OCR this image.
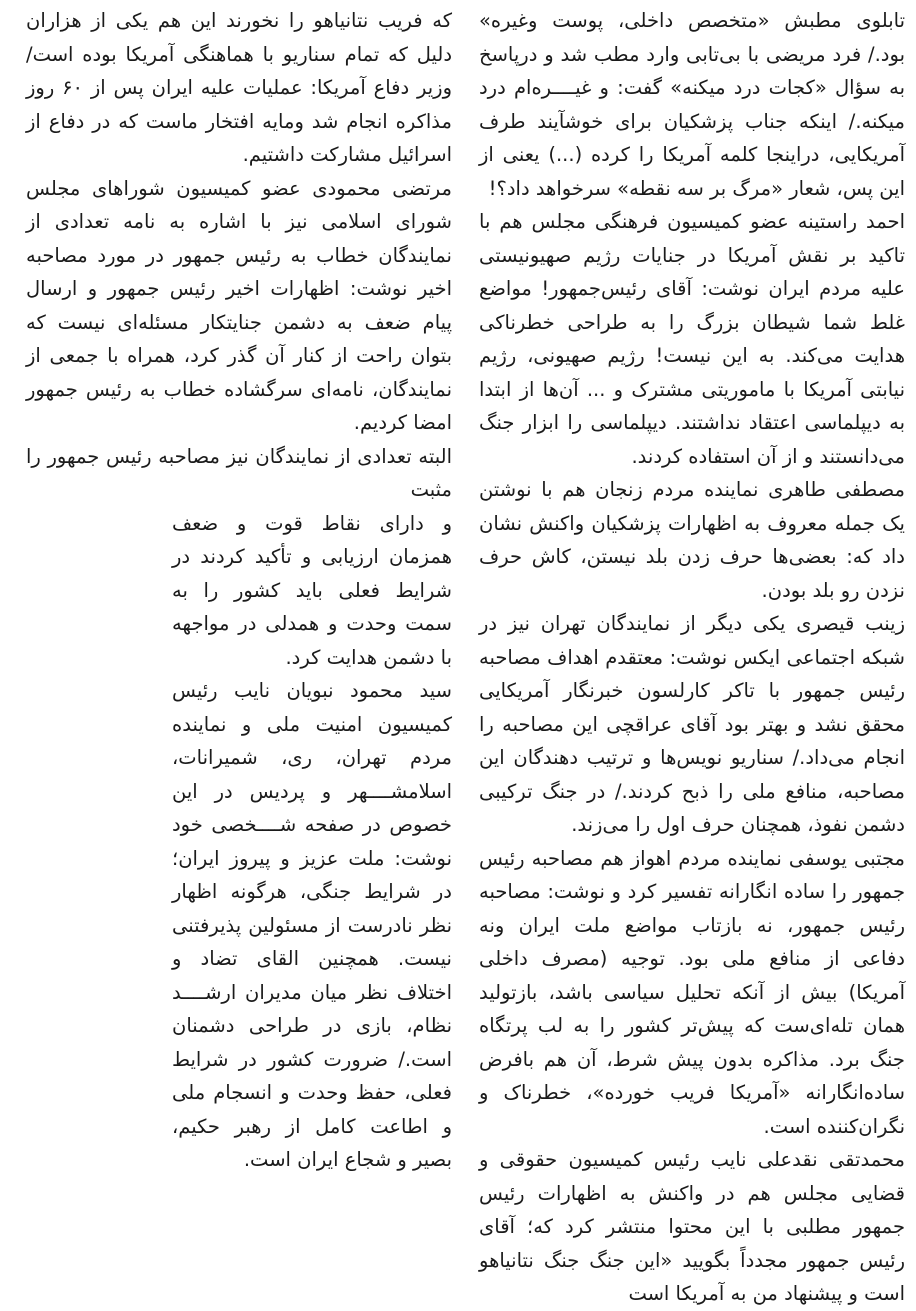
تابلوی مطبش «متخصص داخلی، پوست وغیره» بود./ فرد مریضی با بی‌تابی وارد مطب شد و درپاسخ به سؤال «کجات درد میکنه» گفت: و غیــــره‌ام درد میکنه./ اینکه جناب پزشکیان برای خوشآیند طرف آمریکایی، دراینجا کلمه آمریکا را کرده (...) یعنی از این پس، شعار «مرگ بر سه نقطه» سرخواهد داد؟!

احمد راستینه عضو کمیسیون فرهنگی مجلس هم با تاکید بر نقش آمریکا در جنایات رژیم صهیونیستی علیه مردم ایران نوشت: آقای رئیس‌جمهور! مواضع غلط شما شیطان بزرگ را به طراحی خطرناکی هدایت می‌کند. به این نیست! رژیم صهیونی، رژیم نیابتی آمریکا با ماموریتی مشترک و ... آن‌ها از ابتدا به دیپلماسی اعتقاد نداشتند. دیپلماسی را ابزار جنگ می‌دانستند و از آن استفاده کردند.

مصطفی طاهری نماینده مردم زنجان هم با نوشتن یک جمله معروف به اظهارات پزشکیان واکنش نشان داد که: بعضی‌ها حرف زدن بلد نیستن، کاش حرف نزدن رو بلد بودن.

زینب قیصری یکی دیگر از نمایندگان تهران نیز در شبکه اجتماعی ایکس نوشت: معتقدم اهداف مصاحبه رئیس جمهور با تاکر کارلسون خبرنگار آمریکایی محقق نشد و بهتر بود آقای عراقچی این مصاحبه را انجام می‌داد./ سناریو نویس‌ها و ترتیب دهندگان این مصاحبه، منافع ملی را ذبح کردند./ در جنگ ترکیبی دشمن نفوذ، همچنان حرف اول را می‌زند.

مجتبی یوسفی نماینده مردم اهواز هم مصاحبه رئیس جمهور را ساده انگارانه تفسیر کرد و نوشت: مصاحبه رئیس جمهور، نه بازتاب مواضع ملت ایران ونه دفاعی از منافع ملی بود. توجیه (مصرف داخلی آمریکا) بیش از آنکه تحلیل سیاسی باشد، بازتولید همان تله‌ای‌ست که پیش‌تر کشور را به لب پرتگاه جنگ برد. مذاکره بدون پیش شرط، آن هم بافرض ساده‌انگارانه «آمریکا فریب خورده»، خطرناک و نگران‌کننده است.

محمدتقی نقدعلی نایب رئیس کمیسیون حقوقی و قضایی مجلس هم در واکنش به اظهارات رئیس جمهور مطلبی با این محتوا منتشر کرد که؛ آقای رئیس جمهور مجدداً بگویید «این جنگ جنگ نتانیاهو است و پیشنهاد من به آمریکا است

که فریب نتانیاهو را نخورند این هم یکی از هزاران دلیل که تمام سناریو با هماهنگی آمریکا بوده است/ وزیر دفاع آمریکا: عملیات علیه ایران پس از ۶۰ روز مذاکره انجام شد ومایه افتخار ماست که در دفاع از اسرائیل مشارکت داشتیم.

مرتضی محمودی عضو کمیسیون شوراهای مجلس شورای اسلامی نیز با اشاره به نامه تعدادی از نمایندگان خطاب به رئیس جمهور در مورد مصاحبه اخیر نوشت: اظهارات اخیر رئیس جمهور و ارسال پیام ضعف به دشمن جنایتکار مسئله‌ای نیست که بتوان راحت از کنار آن گذر کرد، همراه با جمعی از نمایندگان، نامه‌ای سرگشاده خطاب به رئیس جمهور امضا کردیم.

البته تعدادی از نمایندگان نیز مصاحبه رئیس جمهور را مثبت

و دارای نقاط قوت و ضعف همزمان ارزیابی و تأکید کردند در شرایط فعلی باید کشور را به سمت وحدت و همدلی در مواجهه با دشمن هدایت کرد.

سید محمود نبویان نایب رئیس کمیسیون امنیت ملی و نماینده مردم تهران، ری، شمیرانات، اسلامشــــهر و پردیس در این خصوص در صفحه شــــخصی خود نوشت: ملت عزیز و پیروز ایران؛ در شرایط جنگی، هرگونه اظهار نظر نادرست از مسئولین پذیرفتنی نیست. همچنین القای تضاد و اختلاف نظر میان مدیران ارشــــد نظام، بازی در طراحی دشمنان است./ ضرورت کشور در شرایط فعلی، حفظ وحدت و انسجام ملی و اطاعت کامل از رهبر حکیم، بصیر و شجاع ایران است.
